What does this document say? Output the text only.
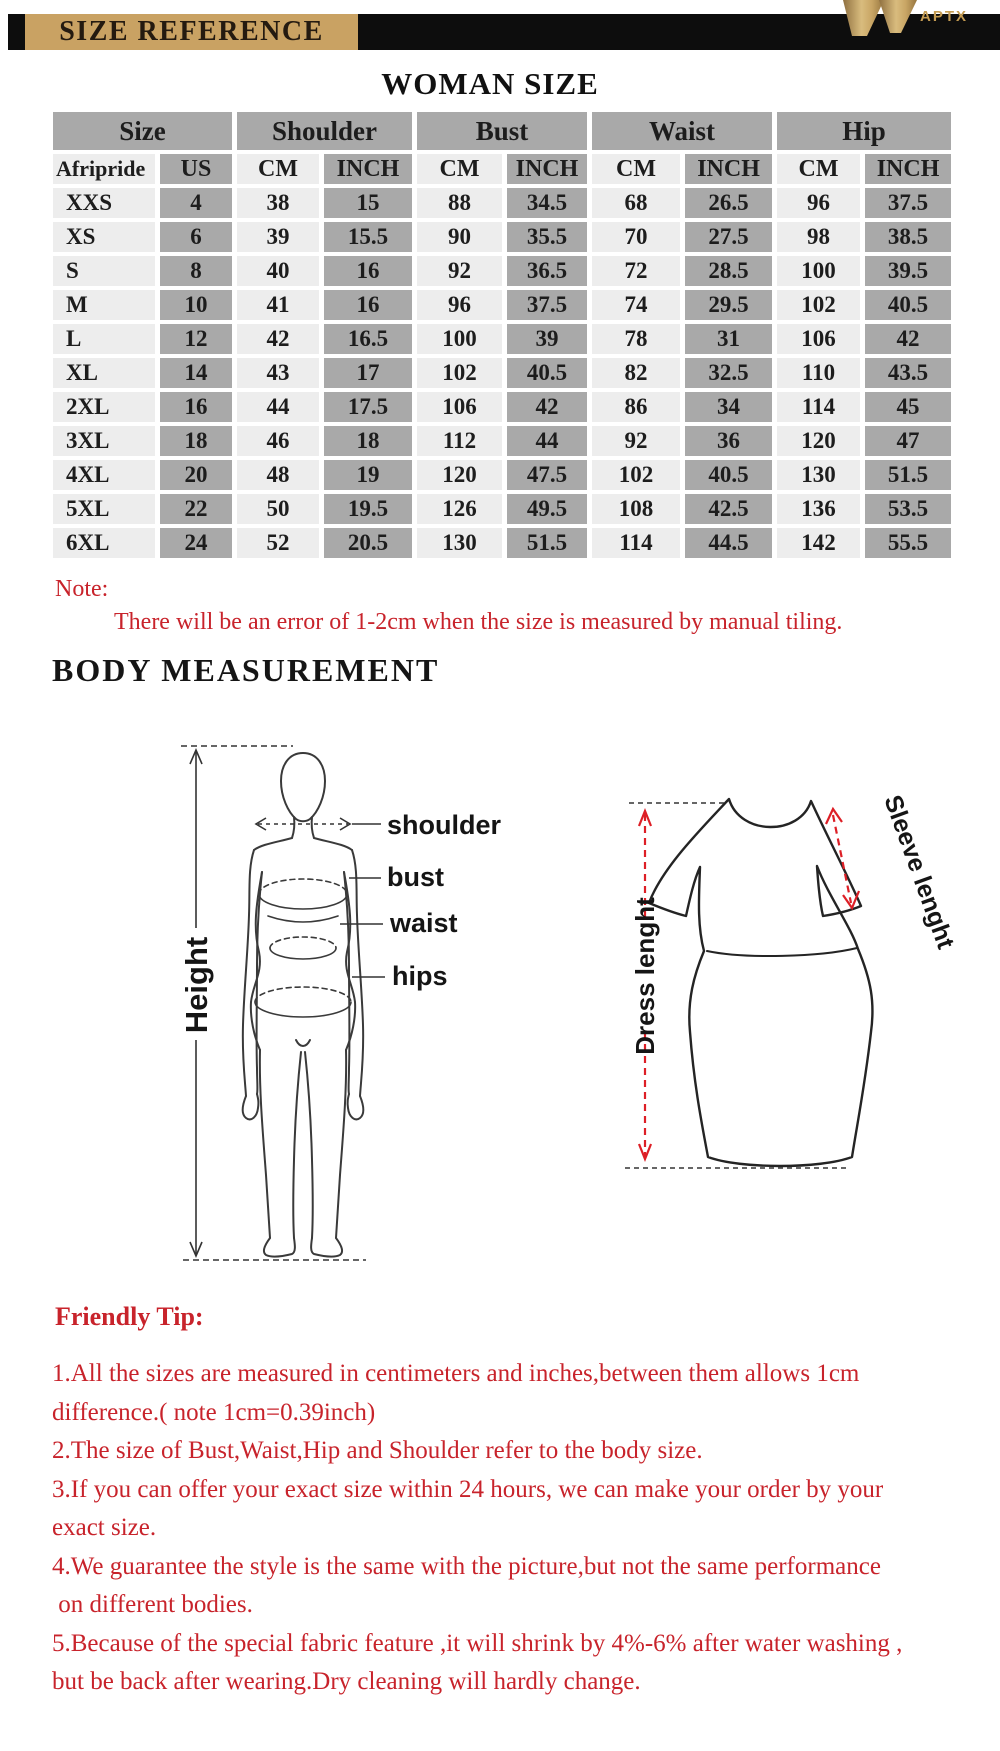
SIZE REFERENCE	APTX
WOMAN SIZE
Size		Shoulder		Bust		Waist		Hip	
Afripride	US	CM	INCH	CM	INCH	CM	INCH	CM	INCH
XXS	4	38	15	88	34.5	68	26.5	96	37.5
XS	6	39	15.5	90	35.5	70	27.5	98	38.5
S	8	40	16	92	36.5	72	28.5	100	39.5
M	10	41	16	96	37.5	74	29.5	102	40.5
L	12	42	16.5	100	39	78	31	106	42
XL	14	43	17	102	40.5	82	32.5	110	43.5
2XL	16	44	17.5	106	42	86	34	114	45
3XL	18	46	18	112	44	92	36	120	47
4XL	20	48	19	120	47.5	102	40.5	130	51.5
5XL	22	50	19.5	126	49.5	108	42.5	136	53.5
6XL	24	52	20.5	130	51.5	114	44.5	142	55.5
Note:
There will be an error of 1-2cm when the size is measured by manual tiling.
BODY MEASUREMENT
Height
shoulder
bust
waist
hips	Dress lenght
Sleeve lenght
Friendly Tip:
1.All the sizes are measured in centimeters and inches,between them allows 1cm
difference.( note 1cm=0.39inch)
2.The size of Bust,Waist,Hip and Shoulder refer to the body size.
3.If you can offer your exact size within 24 hours, we can make your order by your
exact size.
4.We guarantee the style is the same with the picture,but not the same performance
on different bodies.
5.Because of the special fabric feature ,it will shrink by 4%-6% after water washing ,
but be back after wearing.Dry cleaning will hardly change.
